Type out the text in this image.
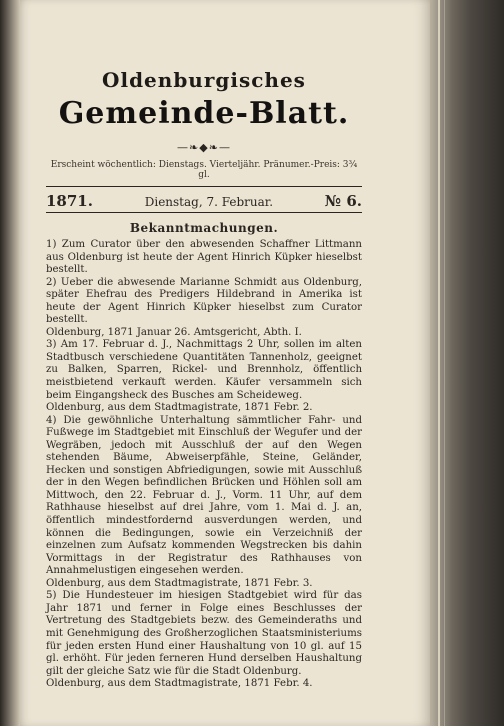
Oldenburgisches
Gemeinde-Blatt.
—❧◆❧—
Erscheint wöchentlich: Dienstags. Vierteljähr. Pränumer.-Preis: 3¾ gl.
1871.	Dienstag, 7. Februar.	№ 6.
Bekanntmachungen.

1) Zum Curator über den abwesenden Schaffner Littmann aus Oldenburg ist heute der Agent Hinrich Küpker hieselbst bestellt.

2) Ueber die abwesende Marianne Schmidt aus Oldenburg, später Ehefrau des Predigers Hildebrand in Amerika ist heute der Agent Hinrich Küpker hieselbst zum Curator bestellt.

Oldenburg, 1871 Januar 26. Amtsgericht, Abth. I.

3) Am 17. Februar d. J., Nachmittags 2 Uhr, sollen im alten Stadtbusch verschiedene Quantitäten Tannenholz, geeignet zu Balken, Sparren, Rickel- und Brennholz, öffentlich meistbietend verkauft werden. Käufer versammeln sich beim Eingangsheck des Busches am Scheideweg.

Oldenburg, aus dem Stadtmagistrate, 1871 Febr. 2.

4) Die gewöhnliche Unterhaltung sämmtlicher Fahr- und Fußwege im Stadtgebiet mit Einschluß der Wegufer und der Wegräben, jedoch mit Ausschluß der auf den Wegen stehenden Bäume, Abweiserpfähle, Steine, Geländer, Hecken und sonstigen Abfriedigungen, sowie mit Ausschluß der in den Wegen befindlichen Brücken und Höhlen soll am Mittwoch, den 22. Februar d. J., Vorm. 11 Uhr, auf dem Rathhause hieselbst auf drei Jahre, vom 1. Mai d. J. an, öffentlich mindestfordernd ausverdungen werden, und können die Bedingungen, sowie ein Verzeichniß der einzelnen zum Aufsatz kommenden Wegstrecken bis dahin Vormittags in der Registratur des Rathhauses von Annahmelustigen eingesehen werden.

Oldenburg, aus dem Stadtmagistrate, 1871 Febr. 3.

5) Die Hundesteuer im hiesigen Stadtgebiet wird für das Jahr 1871 und ferner in Folge eines Beschlusses der Vertretung des Stadtgebiets bezw. des Gemeinderaths und mit Genehmigung des Großherzoglichen Staatsministeriums für jeden ersten Hund einer Haushaltung von 10 gl. auf 15 gl. erhöht. Für jeden ferneren Hund derselben Haushaltung gilt der gleiche Satz wie für die Stadt Oldenburg.

Oldenburg, aus dem Stadtmagistrate, 1871 Febr. 4.
